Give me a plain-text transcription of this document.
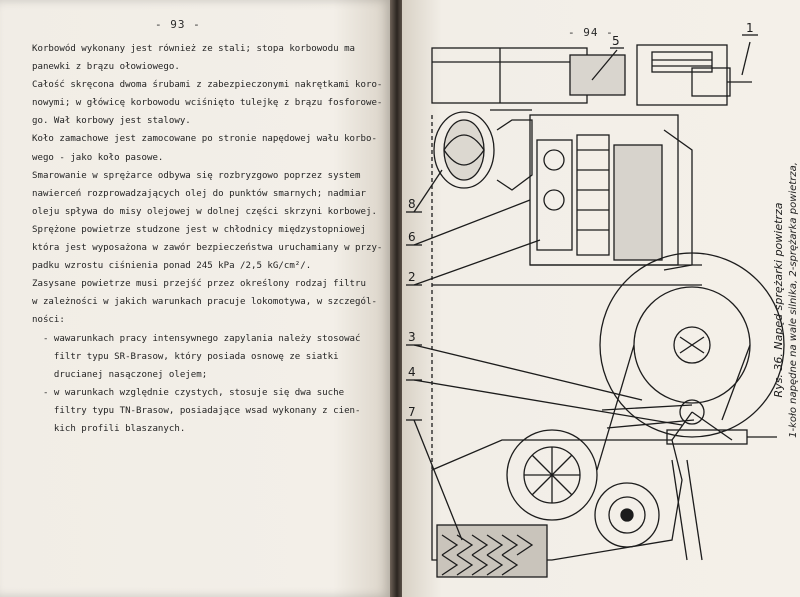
- 93 -
Korbowód wykonany jest również ze stali; stopa korbowodu ma
panewki z brązu ołowiowego.
Całość skręcona dwoma śrubami z zabezpieczonymi nakrętkami koro-
nowymi; w główicę korbowodu wciśnięto tulejkę z brązu fosforowe-
go. Wał korbowy jest stalowy.
Koło zamachowe jest zamocowane po stronie napędowej wału korbo-
wego - jako koło pasowe.
Smarowanie w sprężarce odbywa się rozbryzgowo poprzez system
nawierceń rozprowadzających olej do punktów smarnych; nadmiar
oleju spływa do misy olejowej w dolnej części skrzyni korbowej.
Sprężone powietrze studzone jest w chłodnicy międzystopniowej
która jest wyposażona w zawór bezpieczeństwa uruchamiany w przy-
padku wzrostu ciśnienia ponad 245 kPa /2,5 kG/cm²/.
Zasysane powietrze musi przejść przez określony rodzaj filtru
w zależności w jakich warunkach pracuje lokomotywa, w szczegól-
ności:
- wawarunkach pracy intensywnego zapylania należy stosować
filtr typu SR-Brasow, który posiada osnowę ze siatki
drucianej nasączonej olejem;
- w warunkach względnie czystych, stosuje się dwa suche
filtry typu TN-Brasow, posiadające wsad wykonany z cien-
kich profili blaszanych.
- 94 -	1
5
8
6
2
3
4
7
Rys. 36. Napęd sprężarki powietrza 1-koło napędne na wale silnika, 2-sprężarka powietrza,
